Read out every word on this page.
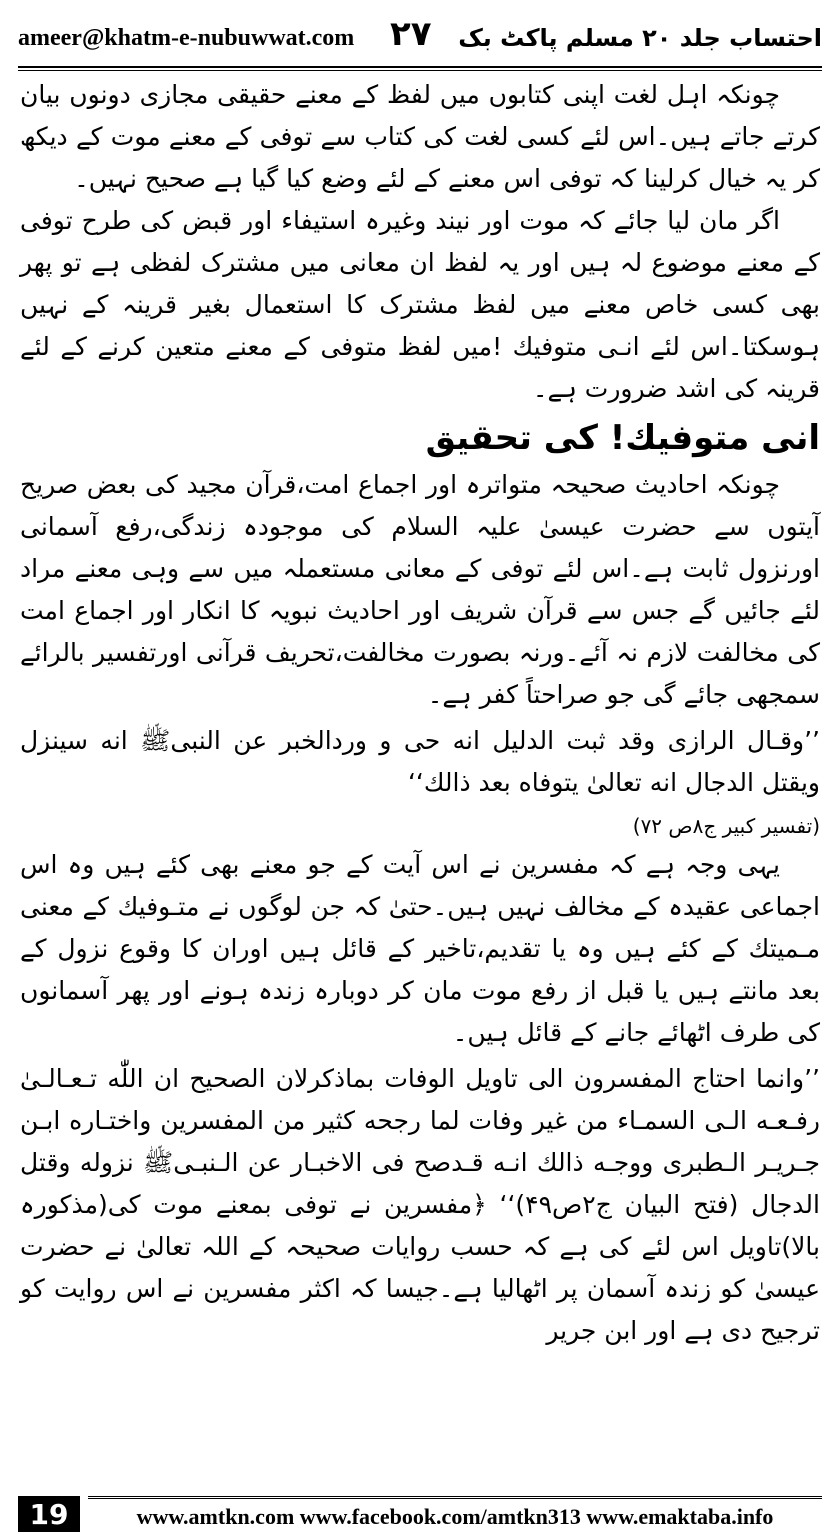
ameer@khatm-e-nubuwwat.com ۲۷ احتساب جلد ۲۰ مسلم پاکٹ بک

چونکہ اہل لغت اپنی کتابوں میں لفظ کے معنے حقیقی مجازی دونوں بیان کرتے جاتے ہیں۔اس لئے کسی لغت کی کتاب سے توفی کے معنے موت کے دیکھ کر یہ خیال کرلینا کہ توفی اس معنے کے لئے وضع کیا گیا ہے صحیح نہیں۔

اگر مان لیا جائے کہ موت اور نیند وغیرہ استیفاء اور قبض کی طرح توفی کے معنے موضوع لہ ہیں اور یہ لفظ ان معانی میں مشترک لفظی ہے تو پھر بھی کسی خاص معنے میں لفظ مشترک کا استعمال بغیر قرینہ کے نہیں ہوسکتا۔اس لئے انـی متوفيك !میں لفظ متوفی کے معنے متعین کرنے کے لئے قرینہ کی اشد ضرورت ہے۔

انی متوفيك! کی تحقیق

چونکہ احادیث صحیحہ متواترہ اور اجماع امت،قرآن مجید کی بعض صریح آیتوں سے حضرت عیسیٰ علیہ السلام کی موجودہ زندگی،رفع آسمانی اورنزول ثابت ہے۔اس لئے توفی کے معانی مستعملہ میں سے وہی معنے مراد لئے جائیں گے جس سے قرآن شریف اور احادیث نبویہ کا انکار اور اجماع امت کی مخالفت لازم نہ آئے۔ورنہ بصورت مخالفت،تحریف قرآنی اورتفسیر بالرائے سمجھی جائے گی جو صراحتاً کفر ہے۔

’’وقـال الرازی وقد ثبت الدلیل انه حی و وردالخبر عن النبیﷺ انه سینزل ویقتل الدجال انه تعالیٰ یتوفاه بعد ذالك‘‘

(تفسیر کبیر ج۸ص ۷۲)

یہی وجہ ہے کہ مفسرین نے اس آیت کے جو معنے بھی کئے ہیں وہ اس اجماعی عقیدہ کے مخالف نہیں ہیں۔حتیٰ کہ جن لوگوں نے متـوفيك کے معنی مـمیتك کے کئے ہیں وہ یا تقدیم،تاخیر کے قائل ہیں اوران کا وقوع نزول کے بعد مانتے ہیں یا قبل از رفع موت مان کر دوبارہ زندہ ہونے اور پھر آسمانوں کی طرف اٹھائے جانے کے قائل ہیں۔

’’وانما احتاج المفسرون الی تاویل الوفات بماذکرلان الصحیح ان اللّٰه تـعـالـیٰ رفـعـه الـی السمـاء من غیر وفات لما رجحه کثیر من المفسرین واختـاره ابـن جـریـر الـطبری ووجـه ذالك انـه قـدصح فی الاخبـار عن الـنبـیﷺ نزوله وقتل الدجال (فتح البیان ج۲ص۴۹)‘‘ ﴿مفسرین نے توفی بمعنے موت کی(مذکورہ بالا)تاویل اس لئے کی ہے کہ حسب روایات صحیحہ کے اللہ تعالیٰ نے حضرت عیسیٰ کو زندہ آسمان پر اٹھالیا ہے۔جیسا کہ اکثر مفسرین نے اس روایت کو ترجیح دی ہے اور ابن جریر

19	www.amtkn.com www.facebook.com/amtkn313 www.emaktaba.info
